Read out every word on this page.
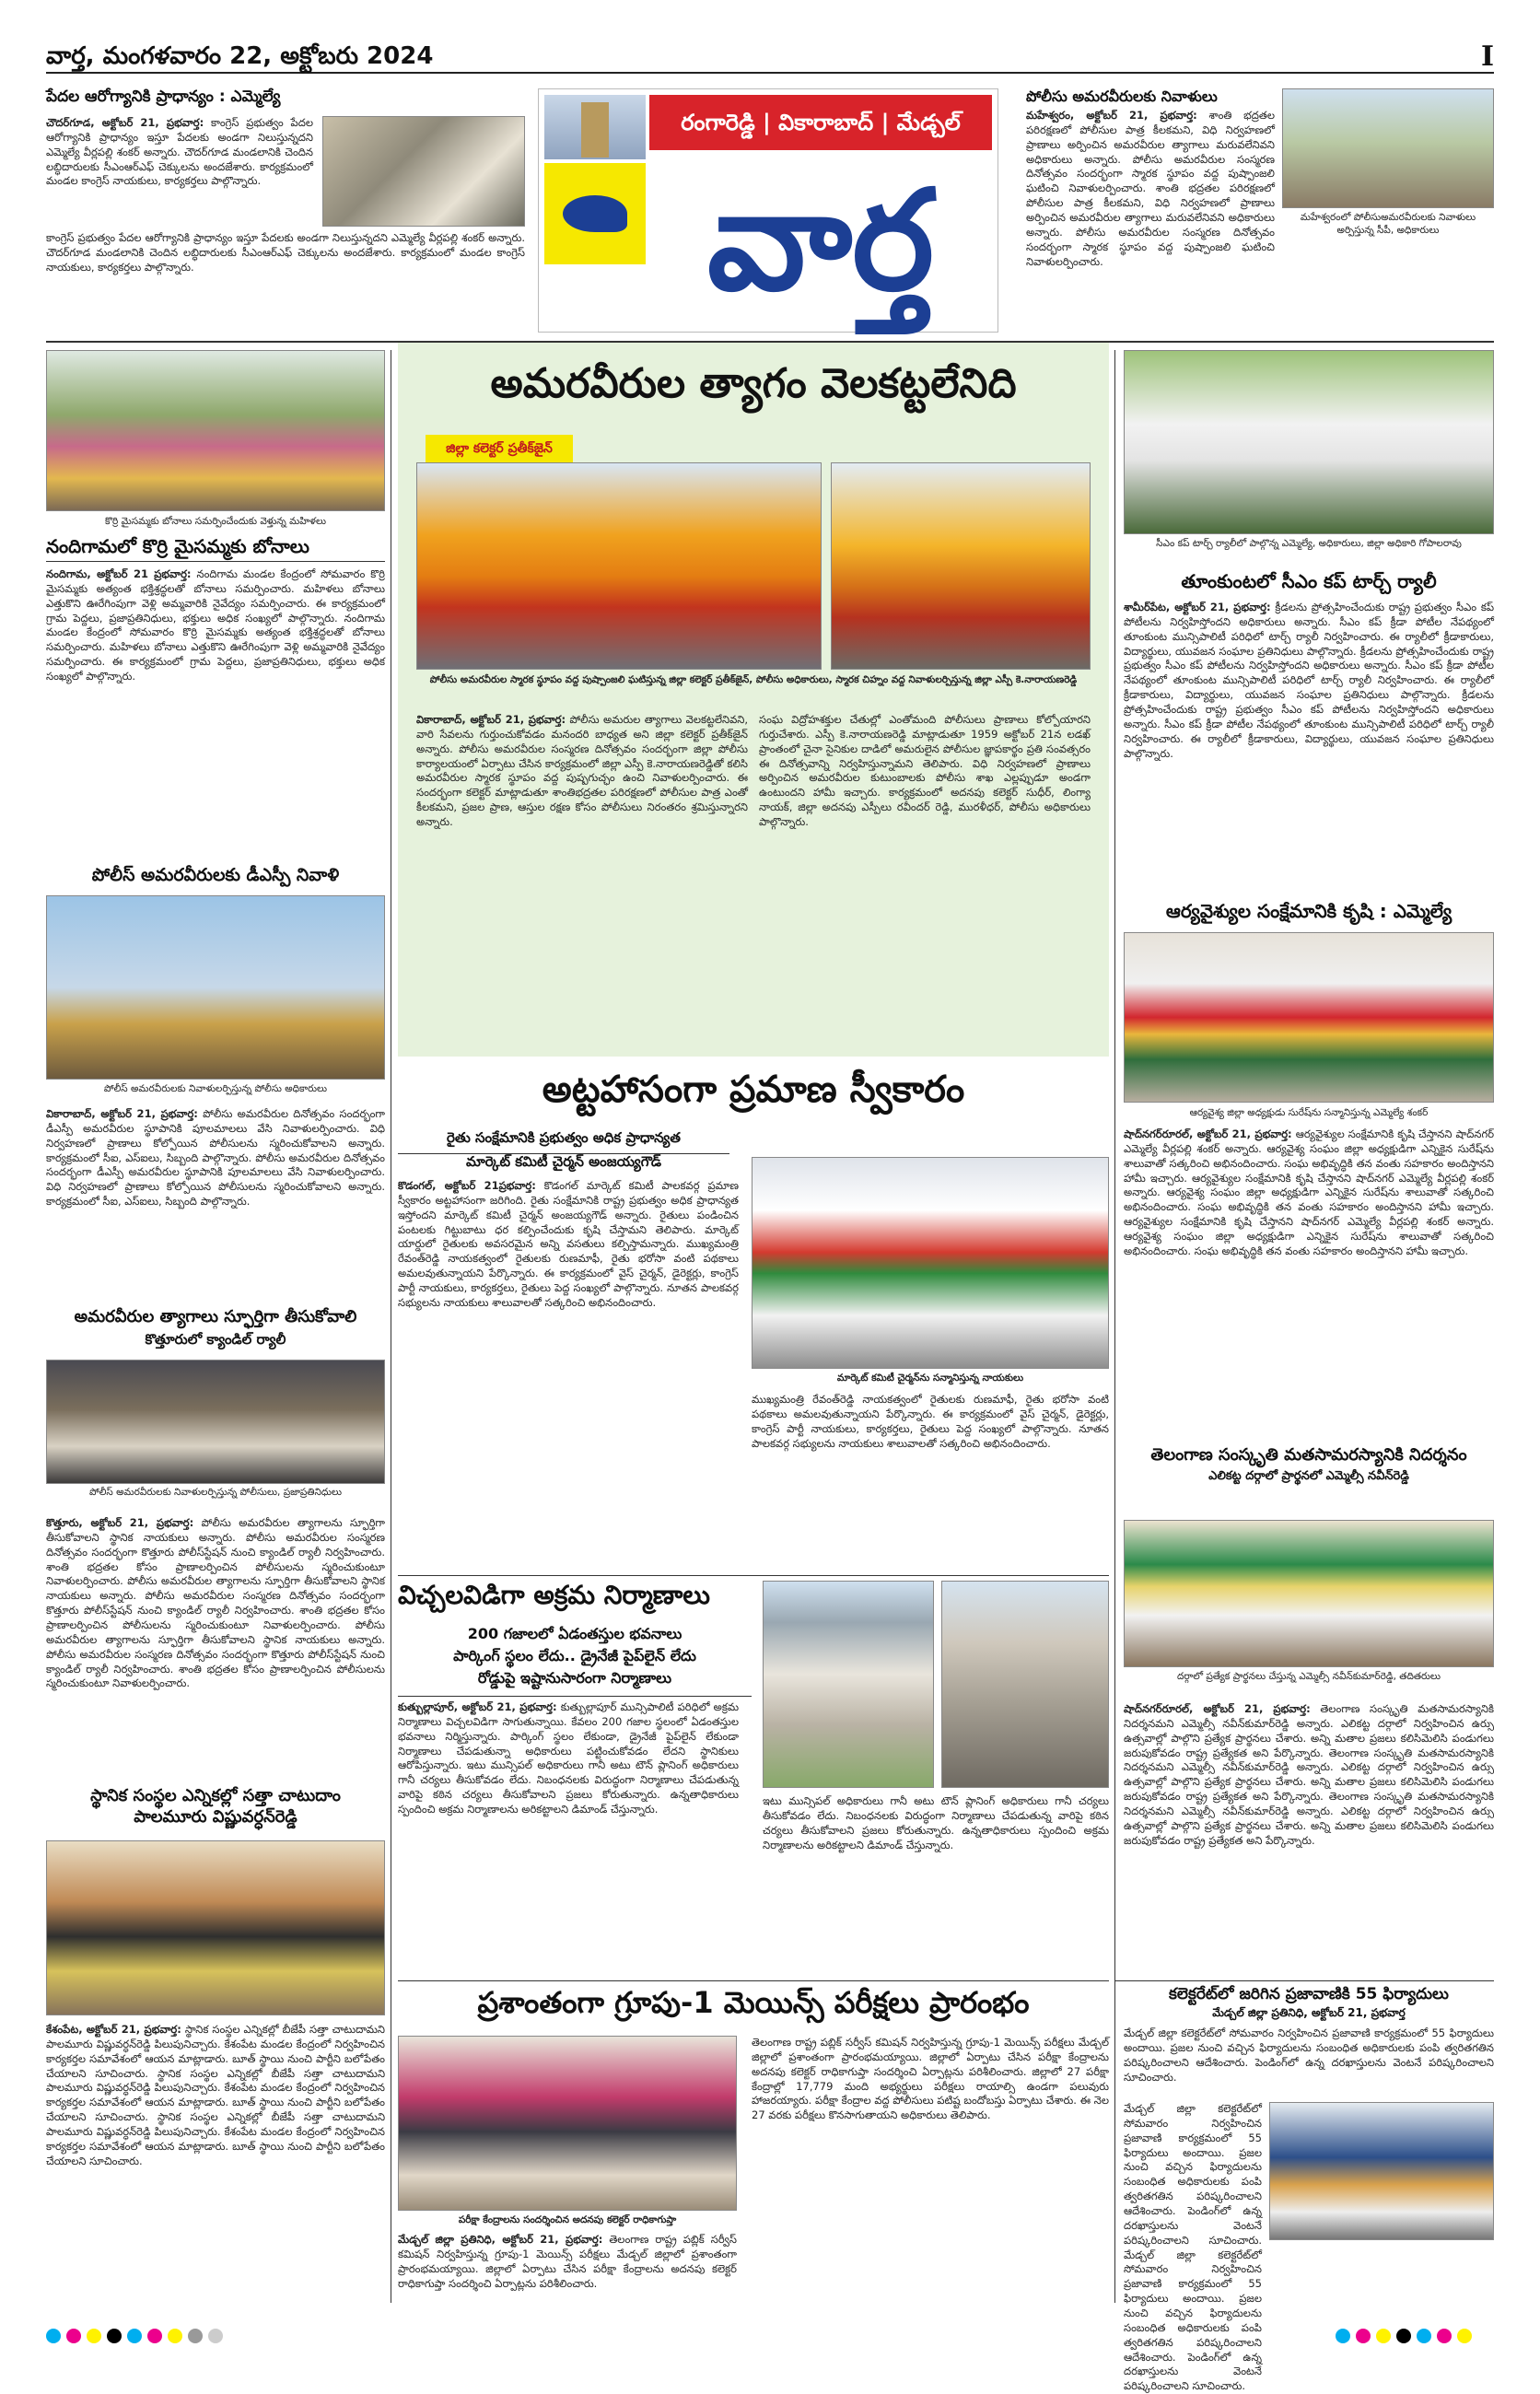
వార్త, మంగళవారం 22, అక్టోబరు 2024	I
పేదల ఆరోగ్యానికి ప్రాధాన్యం : ఎమ్మెల్యే
చౌదర్‌గూడ, అక్టోబర్ 21, ప్రభవార్త: కాంగ్రెస్ ప్రభుత్వం పేదల ఆరోగ్యానికి ప్రాధాన్యం ఇస్తూ పేదలకు అండగా నిలుస్తున్నదని ఎమ్మెల్యే వీర్లపల్లి శంకర్ అన్నారు. చౌదర్‌గూడ మండలానికి చెందిన లబ్ధిదారులకు సీఎంఆర్ఎఫ్ చెక్కులను అందజేశారు. కార్యక్రమంలో మండల కాంగ్రెస్ నాయకులు, కార్యకర్తలు పాల్గొన్నారు.
కాంగ్రెస్ ప్రభుత్వం పేదల ఆరోగ్యానికి ప్రాధాన్యం ఇస్తూ పేదలకు అండగా నిలుస్తున్నదని ఎమ్మెల్యే వీర్లపల్లి శంకర్ అన్నారు. చౌదర్‌గూడ మండలానికి చెందిన లబ్ధిదారులకు సీఎంఆర్ఎఫ్ చెక్కులను అందజేశారు. కార్యక్రమంలో మండల కాంగ్రెస్ నాయకులు, కార్యకర్తలు పాల్గొన్నారు.
రంగారెడ్డి | వికారాబాద్ | మేడ్చల్
వార్త
పోలీసు అమరవీరులకు నివాళులు
మహేశ్వరం, అక్టోబర్ 21, ప్రభవార్త: శాంతి భద్రతల పరిరక్షణలో పోలీసుల పాత్ర కీలకమని, విధి నిర్వహణలో ప్రాణాలు అర్పించిన అమరవీరుల త్యాగాలు మరువలేనివని అధికారులు అన్నారు. పోలీసు అమరవీరుల సంస్మరణ దినోత్సవం సందర్భంగా స్మారక స్థూపం వద్ద పుష్పాంజలి ఘటించి నివాళులర్పించారు. శాంతి భద్రతల పరిరక్షణలో పోలీసుల పాత్ర కీలకమని, విధి నిర్వహణలో ప్రాణాలు అర్పించిన అమరవీరుల త్యాగాలు మరువలేనివని అధికారులు అన్నారు. పోలీసు అమరవీరుల సంస్మరణ దినోత్సవం సందర్భంగా స్మారక స్థూపం వద్ద పుష్పాంజలి ఘటించి నివాళులర్పించారు.
మహేశ్వరంలో పోలీసుఅమరవీరులకు నివాళులు అర్పిస్తున్న సీపీ, అధికారులు
కొర్రి మైసమ్మకు బోనాలు సమర్పించేందుకు వెళ్తున్న మహిళలు
నందిగామలో కొర్రి మైసమ్మకు బోనాలు
నందిగామ, అక్టోబర్ 21 ప్రభవార్త: నందిగామ మండల కేంద్రంలో సోమవారం కొర్రి మైసమ్మకు అత్యంత భక్తిశ్రద్ధలతో బోనాలు సమర్పించారు. మహిళలు బోనాలు ఎత్తుకొని ఊరేగింపుగా వెళ్లి అమ్మవారికి నైవేద్యం సమర్పించారు. ఈ కార్యక్రమంలో గ్రామ పెద్దలు, ప్రజాప్రతినిధులు, భక్తులు అధిక సంఖ్యలో పాల్గొన్నారు. నందిగామ మండల కేంద్రంలో సోమవారం కొర్రి మైసమ్మకు అత్యంత భక్తిశ్రద్ధలతో బోనాలు సమర్పించారు. మహిళలు బోనాలు ఎత్తుకొని ఊరేగింపుగా వెళ్లి అమ్మవారికి నైవేద్యం సమర్పించారు. ఈ కార్యక్రమంలో గ్రామ పెద్దలు, ప్రజాప్రతినిధులు, భక్తులు అధిక సంఖ్యలో పాల్గొన్నారు.
పోలీస్ అమరవీరులకు డీఎస్పీ నివాళి
పోలీస్ అమరవీరులకు నివాళులర్పిస్తున్న పోలీసు అధికారులు
వికారాబాద్, అక్టోబర్ 21, ప్రభవార్త: పోలీసు అమరవీరుల దినోత్సవం సందర్భంగా డీఎస్పీ అమరవీరుల స్థూపానికి పూలమాలలు వేసి నివాళులర్పించారు. విధి నిర్వహణలో ప్రాణాలు కోల్పోయిన పోలీసులను స్మరించుకోవాలని అన్నారు. కార్యక్రమంలో సీఐ, ఎస్ఐలు, సిబ్బంది పాల్గొన్నారు. పోలీసు అమరవీరుల దినోత్సవం సందర్భంగా డీఎస్పీ అమరవీరుల స్థూపానికి పూలమాలలు వేసి నివాళులర్పించారు. విధి నిర్వహణలో ప్రాణాలు కోల్పోయిన పోలీసులను స్మరించుకోవాలని అన్నారు. కార్యక్రమంలో సీఐ, ఎస్ఐలు, సిబ్బంది పాల్గొన్నారు.
అమరవీరుల త్యాగాలు స్ఫూర్తిగా తీసుకోవాలి
కొత్తూరులో క్యాండిల్ ర్యాలీ
పోలీస్ అమరవీరులకు నివాళులర్పిస్తున్న పోలీసులు, ప్రజాప్రతినిధులు
కొత్తూరు, అక్టోబర్ 21, ప్రభవార్త: పోలీసు అమరవీరుల త్యాగాలను స్ఫూర్తిగా తీసుకోవాలని స్థానిక నాయకులు అన్నారు. పోలీసు అమరవీరుల సంస్మరణ దినోత్సవం సందర్భంగా కొత్తూరు పోలీస్‌స్టేషన్ నుంచి క్యాండిల్ ర్యాలీ నిర్వహించారు. శాంతి భద్రతల కోసం ప్రాణాలర్పించిన పోలీసులను స్మరించుకుంటూ నివాళులర్పించారు. పోలీసు అమరవీరుల త్యాగాలను స్ఫూర్తిగా తీసుకోవాలని స్థానిక నాయకులు అన్నారు. పోలీసు అమరవీరుల సంస్మరణ దినోత్సవం సందర్భంగా కొత్తూరు పోలీస్‌స్టేషన్ నుంచి క్యాండిల్ ర్యాలీ నిర్వహించారు. శాంతి భద్రతల కోసం ప్రాణాలర్పించిన పోలీసులను స్మరించుకుంటూ నివాళులర్పించారు. పోలీసు అమరవీరుల త్యాగాలను స్ఫూర్తిగా తీసుకోవాలని స్థానిక నాయకులు అన్నారు. పోలీసు అమరవీరుల సంస్మరణ దినోత్సవం సందర్భంగా కొత్తూరు పోలీస్‌స్టేషన్ నుంచి క్యాండిల్ ర్యాలీ నిర్వహించారు. శాంతి భద్రతల కోసం ప్రాణాలర్పించిన పోలీసులను స్మరించుకుంటూ నివాళులర్పించారు.
స్థానిక సంస్థల ఎన్నికల్లో సత్తా చాటుదాం
పాలమూరు విష్ణువర్ధన్‌రెడ్డి
కేశంపేట, అక్టోబర్ 21, ప్రభవార్త: స్థానిక సంస్థల ఎన్నికల్లో బీజేపీ సత్తా చాటుదామని పాలమూరు విష్ణువర్ధన్‌రెడ్డి పిలుపునిచ్చారు. కేశంపేట మండల కేంద్రంలో నిర్వహించిన కార్యకర్తల సమావేశంలో ఆయన మాట్లాడారు. బూత్ స్థాయి నుంచి పార్టీని బలోపేతం చేయాలని సూచించారు. స్థానిక సంస్థల ఎన్నికల్లో బీజేపీ సత్తా చాటుదామని పాలమూరు విష్ణువర్ధన్‌రెడ్డి పిలుపునిచ్చారు. కేశంపేట మండల కేంద్రంలో నిర్వహించిన కార్యకర్తల సమావేశంలో ఆయన మాట్లాడారు. బూత్ స్థాయి నుంచి పార్టీని బలోపేతం చేయాలని సూచించారు. స్థానిక సంస్థల ఎన్నికల్లో బీజేపీ సత్తా చాటుదామని పాలమూరు విష్ణువర్ధన్‌రెడ్డి పిలుపునిచ్చారు. కేశంపేట మండల కేంద్రంలో నిర్వహించిన కార్యకర్తల సమావేశంలో ఆయన మాట్లాడారు. బూత్ స్థాయి నుంచి పార్టీని బలోపేతం చేయాలని సూచించారు.
అమరవీరుల త్యాగం వెలకట్టలేనిది
జిల్లా కలెక్టర్ ప్రతీక్‌జైన్
పోలీసు అమరవీరుల స్మారక స్థూపం వద్ద పుష్పాంజలి ఘటిస్తున్న జిల్లా కలెక్టర్ ప్రతీక్‌జైన్, పోలీసు అధికారులు, స్మారక చిహ్నం వద్ద నివాళులర్పిస్తున్న జిల్లా ఎస్పీ కె.నారాయణరెడ్డి
వికారాబాద్, అక్టోబర్ 21, ప్రభవార్త: పోలీసు అమరుల త్యాగాలు వెలకట్టలేనివని, వారి సేవలను గుర్తుంచుకోవడం మనందరి బాధ్యత అని జిల్లా కలెక్టర్ ప్రతీక్‌జైన్ అన్నారు. పోలీసు అమరవీరుల సంస్మరణ దినోత్సవం సందర్భంగా జిల్లా పోలీసు కార్యాలయంలో ఏర్పాటు చేసిన కార్యక్రమంలో జిల్లా ఎస్పీ కె.నారాయణరెడ్డితో కలిసి అమరవీరుల స్మారక స్థూపం వద్ద పుష్పగుచ్ఛం ఉంచి నివాళులర్పించారు. ఈ సందర్భంగా కలెక్టర్ మాట్లాడుతూ శాంతిభద్రతల పరిరక్షణలో పోలీసుల పాత్ర ఎంతో కీలకమని, ప్రజల ప్రాణ, ఆస్తుల రక్షణ కోసం పోలీసులు నిరంతరం శ్రమిస్తున్నారని అన్నారు.
సంఘ విద్రోహశక్తుల చేతుల్లో ఎంతోమంది పోలీసులు ప్రాణాలు కోల్పోయారని గుర్తుచేశారు. ఎస్పీ కె.నారాయణరెడ్డి మాట్లాడుతూ 1959 అక్టోబర్ 21న లడఖ్ ప్రాంతంలో చైనా సైనికుల దాడిలో అమరులైన పోలీసుల జ్ఞాపకార్థం ప్రతి సంవత్సరం ఈ దినోత్సవాన్ని నిర్వహిస్తున్నామని తెలిపారు. విధి నిర్వహణలో ప్రాణాలు అర్పించిన అమరవీరుల కుటుంబాలకు పోలీసు శాఖ ఎల్లప్పుడూ అండగా ఉంటుందని హామీ ఇచ్చారు. కార్యక్రమంలో అదనపు కలెక్టర్ సుధీర్, లింగ్యా నాయక్, జిల్లా అదనపు ఎస్పీలు రవీందర్ రెడ్డి, మురళీధర్, పోలీసు అధికారులు పాల్గొన్నారు.
అట్టహాసంగా ప్రమాణ స్వీకారం
రైతు సంక్షేమానికి ప్రభుత్వం అధిక ప్రాధాన్యత
మార్కెట్ కమిటీ చైర్మన్ అంజయ్యగౌడ్
మార్కెట్ కమిటీ చైర్మన్‌ను సన్మానిస్తున్న నాయకులు
కొడంగల్, అక్టోబర్ 21ప్రభవార్త: కొడంగల్ మార్కెట్ కమిటీ పాలకవర్గ ప్రమాణ స్వీకారం అట్టహాసంగా జరిగింది. రైతు సంక్షేమానికి రాష్ట్ర ప్రభుత్వం అధిక ప్రాధాన్యత ఇస్తోందని మార్కెట్ కమిటీ చైర్మన్ అంజయ్యగౌడ్ అన్నారు. రైతులు పండించిన పంటలకు గిట్టుబాటు ధర కల్పించేందుకు కృషి చేస్తామని తెలిపారు. మార్కెట్ యార్డులో రైతులకు అవసరమైన అన్ని వసతులు కల్పిస్తామన్నారు. ముఖ్యమంత్రి రేవంత్‌రెడ్డి నాయకత్వంలో రైతులకు రుణమాఫీ, రైతు భరోసా వంటి పథకాలు అమలవుతున్నాయని పేర్కొన్నారు. ఈ కార్యక్రమంలో వైస్ చైర్మన్, డైరెక్టర్లు, కాంగ్రెస్ పార్టీ నాయకులు, కార్యకర్తలు, రైతులు పెద్ద సంఖ్యలో పాల్గొన్నారు. నూతన పాలకవర్గ సభ్యులను నాయకులు శాలువాలతో సత్కరించి అభినందించారు.
ముఖ్యమంత్రి రేవంత్‌రెడ్డి నాయకత్వంలో రైతులకు రుణమాఫీ, రైతు భరోసా వంటి పథకాలు అమలవుతున్నాయని పేర్కొన్నారు. ఈ కార్యక్రమంలో వైస్ చైర్మన్, డైరెక్టర్లు, కాంగ్రెస్ పార్టీ నాయకులు, కార్యకర్తలు, రైతులు పెద్ద సంఖ్యలో పాల్గొన్నారు. నూతన పాలకవర్గ సభ్యులను నాయకులు శాలువాలతో సత్కరించి అభినందించారు.
విచ్చలవిడిగా అక్రమ నిర్మాణాలు
200 గజాలలో ఏడంతస్తుల భవనాలు
పార్కింగ్ స్థలం లేదు.. డ్రైనేజీ పైప్‌లైన్ లేదు
రోడ్డుపై ఇష్టానుసారంగా నిర్మాణాలు
కుత్బుల్లాపూర్, అక్టోబర్ 21, ప్రభవార్త: కుత్బుల్లాపూర్ మున్సిపాలిటీ పరిధిలో అక్రమ నిర్మాణాలు విచ్చలవిడిగా సాగుతున్నాయి. కేవలం 200 గజాల స్థలంలో ఏడంతస్తుల భవనాలు నిర్మిస్తున్నారు. పార్కింగ్ స్థలం లేకుండా, డ్రైనేజీ పైప్‌లైన్ లేకుండా నిర్మాణాలు చేపడుతున్నా అధికారులు పట్టించుకోవడం లేదని స్థానికులు ఆరోపిస్తున్నారు. ఇటు మున్సిపల్ అధికారులు గానీ అటు టౌన్ ప్లానింగ్ అధికారులు గానీ చర్యలు తీసుకోవడం లేదు. నిబంధనలకు విరుద్ధంగా నిర్మాణాలు చేపడుతున్న వారిపై కఠిన చర్యలు తీసుకోవాలని ప్రజలు కోరుతున్నారు. ఉన్నతాధికారులు స్పందించి అక్రమ నిర్మాణాలను అరికట్టాలని డిమాండ్ చేస్తున్నారు.
ఇటు మున్సిపల్ అధికారులు గానీ అటు టౌన్ ప్లానింగ్ అధికారులు గానీ చర్యలు తీసుకోవడం లేదు. నిబంధనలకు విరుద్ధంగా నిర్మాణాలు చేపడుతున్న వారిపై కఠిన చర్యలు తీసుకోవాలని ప్రజలు కోరుతున్నారు. ఉన్నతాధికారులు స్పందించి అక్రమ నిర్మాణాలను అరికట్టాలని డిమాండ్ చేస్తున్నారు.
ప్రశాంతంగా గ్రూపు-1 మెయిన్స్ పరీక్షలు ప్రారంభం
పరీక్షా కేంద్రాలను సందర్శించిన అదనపు కలెక్టర్ రాధికాగుప్తా
మేడ్చల్ జిల్లా ప్రతినిధి, అక్టోబర్ 21, ప్రభవార్త: తెలంగాణ రాష్ట్ర పబ్లిక్ సర్వీస్ కమిషన్ నిర్వహిస్తున్న గ్రూపు-1 మెయిన్స్ పరీక్షలు మేడ్చల్ జిల్లాలో ప్రశాంతంగా ప్రారంభమయ్యాయి. జిల్లాలో ఏర్పాటు చేసిన పరీక్షా కేంద్రాలను అదనపు కలెక్టర్ రాధికాగుప్తా సందర్శించి ఏర్పాట్లను పరిశీలించారు.
తెలంగాణ రాష్ట్ర పబ్లిక్ సర్వీస్ కమిషన్ నిర్వహిస్తున్న గ్రూపు-1 మెయిన్స్ పరీక్షలు మేడ్చల్ జిల్లాలో ప్రశాంతంగా ప్రారంభమయ్యాయి. జిల్లాలో ఏర్పాటు చేసిన పరీక్షా కేంద్రాలను అదనపు కలెక్టర్ రాధికాగుప్తా సందర్శించి ఏర్పాట్లను పరిశీలించారు. జిల్లాలో 27 పరీక్షా కేంద్రాల్లో 17,779 మంది అభ్యర్థులు పరీక్షలు రాయాల్సి ఉండగా పలువురు హాజరయ్యారు. పరీక్షా కేంద్రాల వద్ద పోలీసులు పటిష్ట బందోబస్తు ఏర్పాటు చేశారు. ఈ నెల 27 వరకు పరీక్షలు కొనసాగుతాయని అధికారులు తెలిపారు.
సీఎం కప్ టార్చ్ ర్యాలీలో పాల్గొన్న ఎమ్మెల్యే, అధికారులు, జిల్లా అధికారి గోపాలరావు
తూంకుంటలో సీఎం కప్ టార్చ్ ర్యాలీ
శామీర్‌పేట, అక్టోబర్ 21, ప్రభవార్త: క్రీడలను ప్రోత్సహించేందుకు రాష్ట్ర ప్రభుత్వం సీఎం కప్ పోటీలను నిర్వహిస్తోందని అధికారులు అన్నారు. సీఎం కప్ క్రీడా పోటీల నేపథ్యంలో తూంకుంట మున్సిపాలిటీ పరిధిలో టార్చ్ ర్యాలీ నిర్వహించారు. ఈ ర్యాలీలో క్రీడాకారులు, విద్యార్థులు, యువజన సంఘాల ప్రతినిధులు పాల్గొన్నారు. క్రీడలను ప్రోత్సహించేందుకు రాష్ట్ర ప్రభుత్వం సీఎం కప్ పోటీలను నిర్వహిస్తోందని అధికారులు అన్నారు. సీఎం కప్ క్రీడా పోటీల నేపథ్యంలో తూంకుంట మున్సిపాలిటీ పరిధిలో టార్చ్ ర్యాలీ నిర్వహించారు. ఈ ర్యాలీలో క్రీడాకారులు, విద్యార్థులు, యువజన సంఘాల ప్రతినిధులు పాల్గొన్నారు. క్రీడలను ప్రోత్సహించేందుకు రాష్ట్ర ప్రభుత్వం సీఎం కప్ పోటీలను నిర్వహిస్తోందని అధికారులు అన్నారు. సీఎం కప్ క్రీడా పోటీల నేపథ్యంలో తూంకుంట మున్సిపాలిటీ పరిధిలో టార్చ్ ర్యాలీ నిర్వహించారు. ఈ ర్యాలీలో క్రీడాకారులు, విద్యార్థులు, యువజన సంఘాల ప్రతినిధులు పాల్గొన్నారు.
ఆర్యవైశ్యుల సంక్షేమానికి కృషి : ఎమ్మెల్యే
ఆర్యవైశ్య జిల్లా అధ్యక్షుడు సురేష్‌ను సన్మానిస్తున్న ఎమ్మెల్యే శంకర్
షాద్‌నగర్‌రూరల్, అక్టోబర్ 21, ప్రభవార్త: ఆర్యవైశ్యుల సంక్షేమానికి కృషి చేస్తానని షాద్‌నగర్ ఎమ్మెల్యే వీర్లపల్లి శంకర్ అన్నారు. ఆర్యవైశ్య సంఘం జిల్లా అధ్యక్షుడిగా ఎన్నికైన సురేష్‌ను శాలువాతో సత్కరించి అభినందించారు. సంఘ అభివృద్ధికి తన వంతు సహకారం అందిస్తానని హామీ ఇచ్చారు. ఆర్యవైశ్యుల సంక్షేమానికి కృషి చేస్తానని షాద్‌నగర్ ఎమ్మెల్యే వీర్లపల్లి శంకర్ అన్నారు. ఆర్యవైశ్య సంఘం జిల్లా అధ్యక్షుడిగా ఎన్నికైన సురేష్‌ను శాలువాతో సత్కరించి అభినందించారు. సంఘ అభివృద్ధికి తన వంతు సహకారం అందిస్తానని హామీ ఇచ్చారు. ఆర్యవైశ్యుల సంక్షేమానికి కృషి చేస్తానని షాద్‌నగర్ ఎమ్మెల్యే వీర్లపల్లి శంకర్ అన్నారు. ఆర్యవైశ్య సంఘం జిల్లా అధ్యక్షుడిగా ఎన్నికైన సురేష్‌ను శాలువాతో సత్కరించి అభినందించారు. సంఘ అభివృద్ధికి తన వంతు సహకారం అందిస్తానని హామీ ఇచ్చారు.
తెలంగాణ సంస్కృతి మతసామరస్యానికి నిదర్శనం
ఎలికట్ట దర్గాలో ప్రార్థనలో ఎమ్మెల్సీ నవీన్‌రెడ్డి
దర్గాలో ప్రత్యేక ప్రార్థనలు చేస్తున్న ఎమ్మెల్సీ నవీన్‌కుమార్‌రెడ్డి, తదితరులు
షాద్‌నగర్‌రూరల్, అక్టోబర్ 21, ప్రభవార్త: తెలంగాణ సంస్కృతి మతసామరస్యానికి నిదర్శనమని ఎమ్మెల్సీ నవీన్‌కుమార్‌రెడ్డి అన్నారు. ఎలికట్ట దర్గాలో నిర్వహించిన ఉర్సు ఉత్సవాల్లో పాల్గొని ప్రత్యేక ప్రార్థనలు చేశారు. అన్ని మతాల ప్రజలు కలిసిమెలిసి పండుగలు జరుపుకోవడం రాష్ట్ర ప్రత్యేకత అని పేర్కొన్నారు. తెలంగాణ సంస్కృతి మతసామరస్యానికి నిదర్శనమని ఎమ్మెల్సీ నవీన్‌కుమార్‌రెడ్డి అన్నారు. ఎలికట్ట దర్గాలో నిర్వహించిన ఉర్సు ఉత్సవాల్లో పాల్గొని ప్రత్యేక ప్రార్థనలు చేశారు. అన్ని మతాల ప్రజలు కలిసిమెలిసి పండుగలు జరుపుకోవడం రాష్ట్ర ప్రత్యేకత అని పేర్కొన్నారు. తెలంగాణ సంస్కృతి మతసామరస్యానికి నిదర్శనమని ఎమ్మెల్సీ నవీన్‌కుమార్‌రెడ్డి అన్నారు. ఎలికట్ట దర్గాలో నిర్వహించిన ఉర్సు ఉత్సవాల్లో పాల్గొని ప్రత్యేక ప్రార్థనలు చేశారు. అన్ని మతాల ప్రజలు కలిసిమెలిసి పండుగలు జరుపుకోవడం రాష్ట్ర ప్రత్యేకత అని పేర్కొన్నారు.
కలెక్టరేట్‌లో జరిగిన ప్రజావాణికి 55 ఫిర్యాదులు
మేడ్చల్ జిల్లా ప్రతినిధి, అక్టోబర్ 21, ప్రభవార్త
మేడ్చల్ జిల్లా కలెక్టరేట్‌లో సోమవారం నిర్వహించిన ప్రజావాణి కార్యక్రమంలో 55 ఫిర్యాదులు అందాయి. ప్రజల నుంచి వచ్చిన ఫిర్యాదులను సంబంధిత అధికారులకు పంపి త్వరితగతిన పరిష్కరించాలని ఆదేశించారు. పెండింగ్‌లో ఉన్న దరఖాస్తులను వెంటనే పరిష్కరించాలని సూచించారు.
మేడ్చల్ జిల్లా కలెక్టరేట్‌లో సోమవారం నిర్వహించిన ప్రజావాణి కార్యక్రమంలో 55 ఫిర్యాదులు అందాయి. ప్రజల నుంచి వచ్చిన ఫిర్యాదులను సంబంధిత అధికారులకు పంపి త్వరితగతిన పరిష్కరించాలని ఆదేశించారు. పెండింగ్‌లో ఉన్న దరఖాస్తులను వెంటనే పరిష్కరించాలని సూచించారు. మేడ్చల్ జిల్లా కలెక్టరేట్‌లో సోమవారం నిర్వహించిన ప్రజావాణి కార్యక్రమంలో 55 ఫిర్యాదులు అందాయి. ప్రజల నుంచి వచ్చిన ఫిర్యాదులను సంబంధిత అధికారులకు పంపి త్వరితగతిన పరిష్కరించాలని ఆదేశించారు. పెండింగ్‌లో ఉన్న దరఖాస్తులను వెంటనే పరిష్కరించాలని సూచించారు.
